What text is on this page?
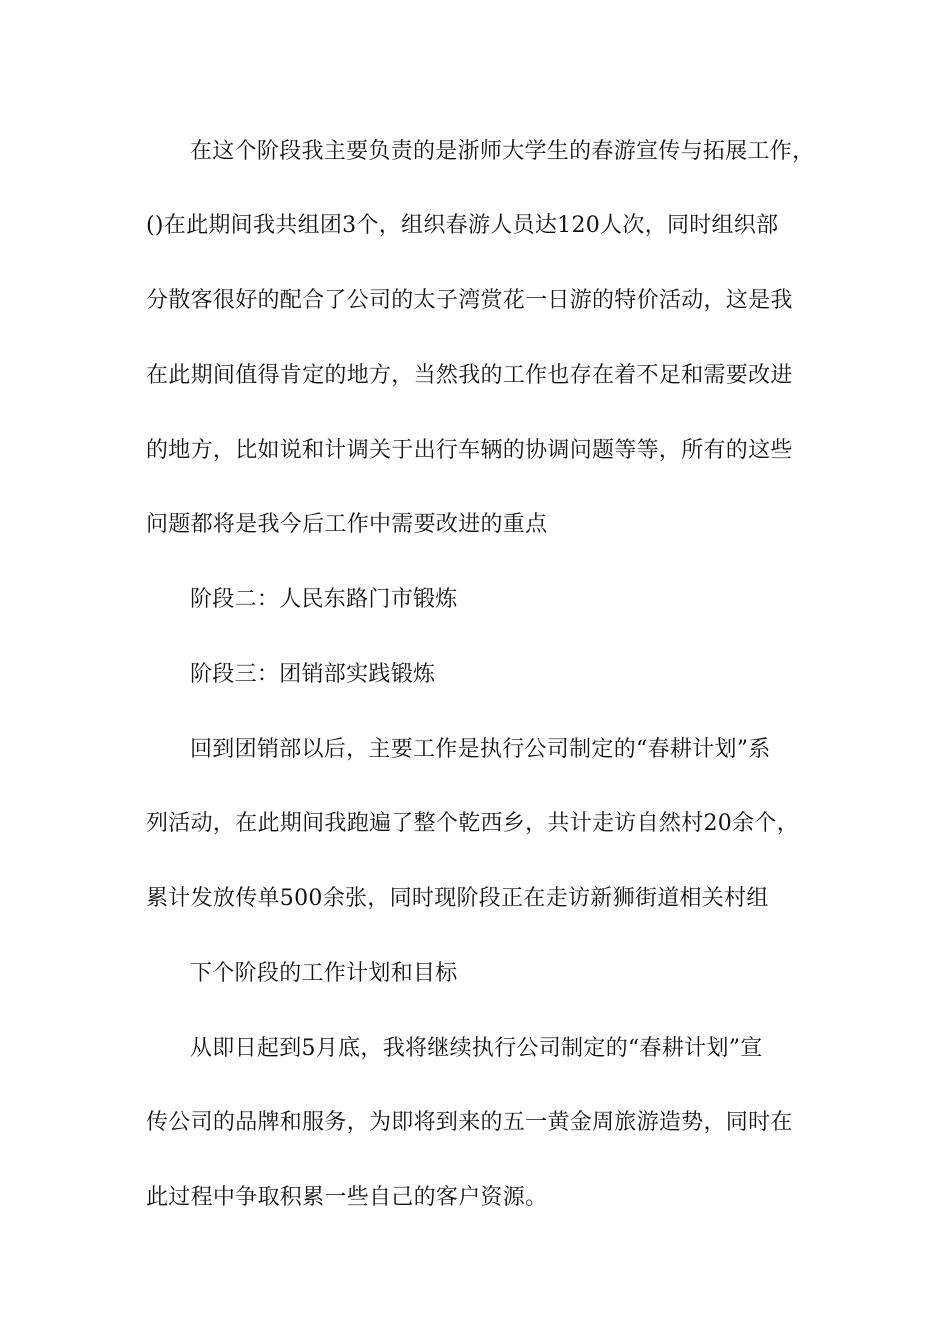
在这个阶段我主要负责的是浙师大学生的春游宣传与拓展工作，
()在此期间我共组团3个，组织春游人员达120人次，同时组织部
分散客很好的配合了公司的太子湾赏花一日游的特价活动，这是我
在此期间值得肯定的地方，当然我的工作也存在着不足和需要改进
的地方，比如说和计调关于出行车辆的协调问题等等，所有的这些
问题都将是我今后工作中需要改进的重点
阶段二：人民东路门市锻炼
阶段三：团销部实践锻炼
回到团销部以后，主要工作是执行公司制定的“春耕计划”系
列活动，在此期间我跑遍了整个乾西乡，共计走访自然村20余个，
累计发放传单500余张，同时现阶段正在走访新狮街道相关村组
下个阶段的工作计划和目标
从即日起到5月底，我将继续执行公司制定的“春耕计划”宣
传公司的品牌和服务，为即将到来的五一黄金周旅游造势，同时在
此过程中争取积累一些自己的客户资源。
